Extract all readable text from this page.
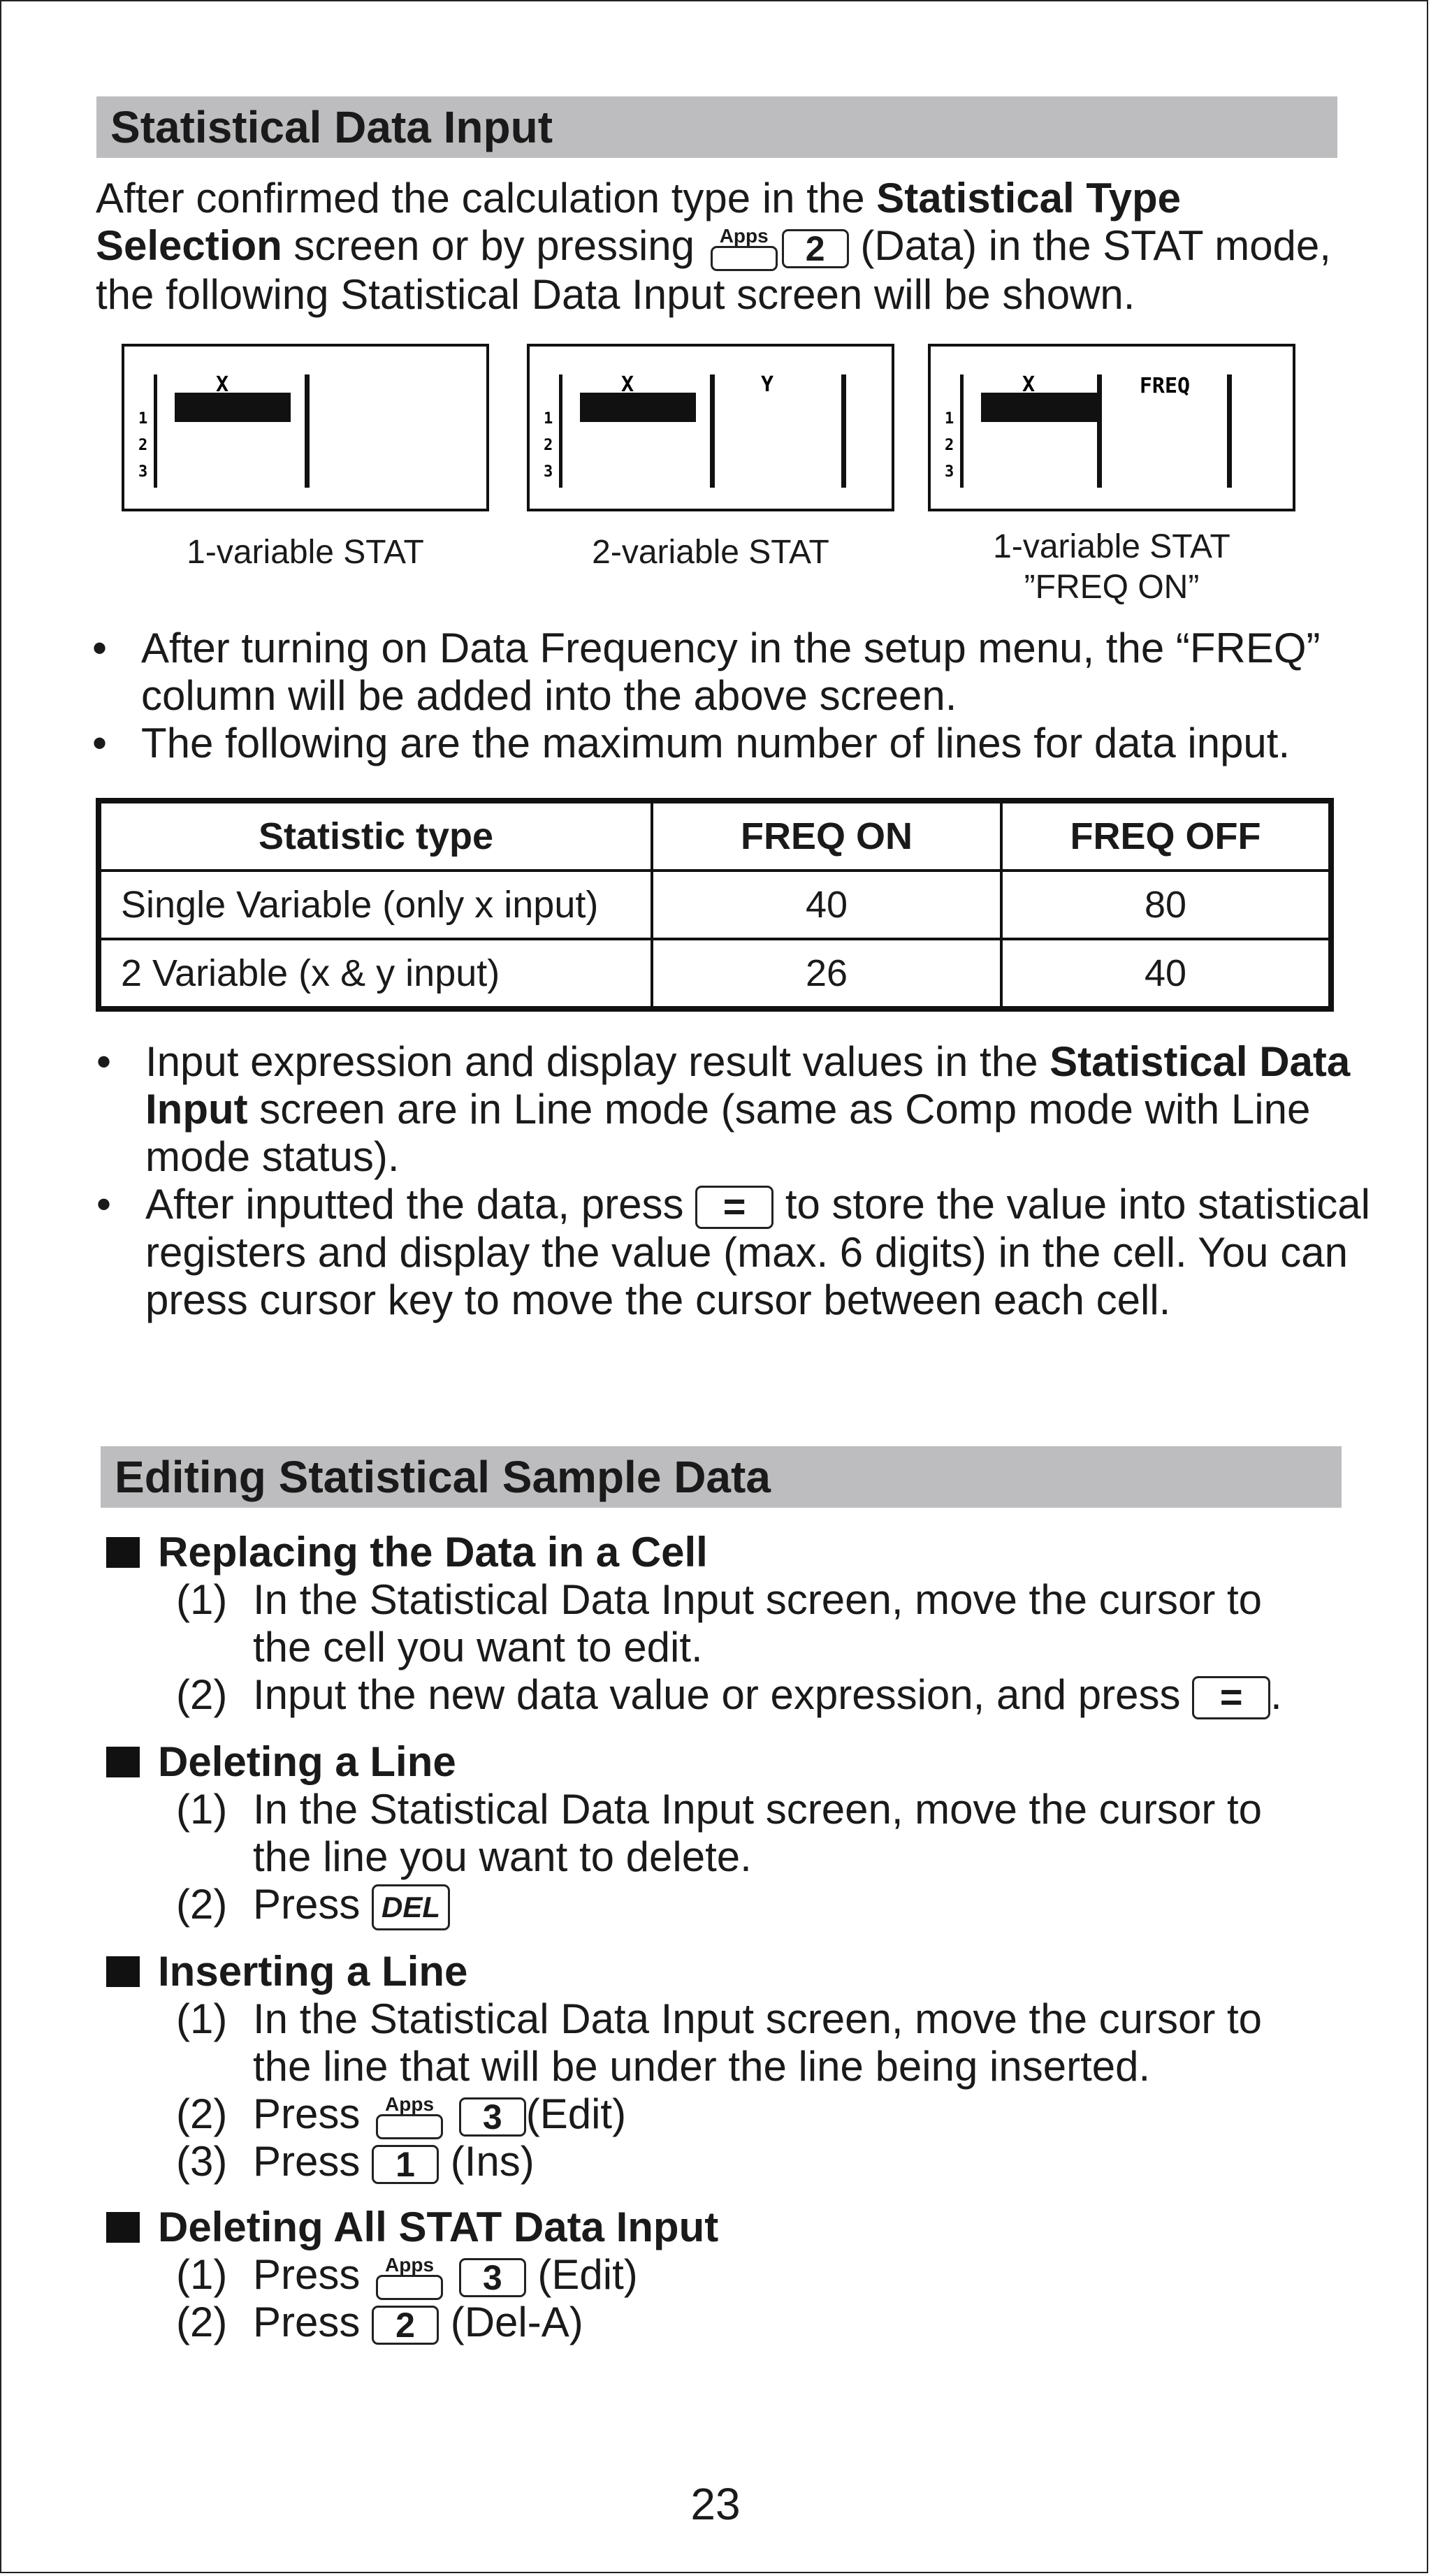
Statistical Data Input

After confirmed the calculation type in the Statistical Type Selection screen or by pressing Apps 2 (Data) in the STAT mode, the following Statistical Data Input screen will be shown.

X
1
2
3
1-variable STAT
X	Y
1
2
3
2-variable STAT
X	FREQ
1
2
3
1-variable STAT
”FREQ ON”

• After turning on Data Frequency in the setup menu, the “FREQ” column will be added into the above screen.

• The following are the maximum number of lines for data input.

Statistic type	FREQ ON	FREQ OFF
Single Variable (only x input)	40	80
2 Variable (x & y input)	26	40

• Input expression and display result values in the Statistical Data Input screen are in Line mode (same as Comp mode with Line mode status).

• After inputted the data, press = to store the value into statistical registers and display the value (max. 6 digits) in the cell. You can press cursor key to move the cursor between each cell.

Editing Statistical Sample Data
Replacing the Data in a Cell
(1) In the Statistical Data Input screen, move the cursor to
the cell you want to edit.
(2) Input the new data value or expression, and press = .
Deleting a Line
(1) In the Statistical Data Input screen, move the cursor to
the line you want to delete.
(2) Press DEL
Inserting a Line
(1) In the Statistical Data Input screen, move the cursor to
the line that will be under the line being inserted.
(2) Press Apps 3 (Edit)
(3) Press 1 (Ins)
Deleting All STAT Data Input
(1) Press Apps 3 (Edit)
(2) Press 2 (Del-A)
23
